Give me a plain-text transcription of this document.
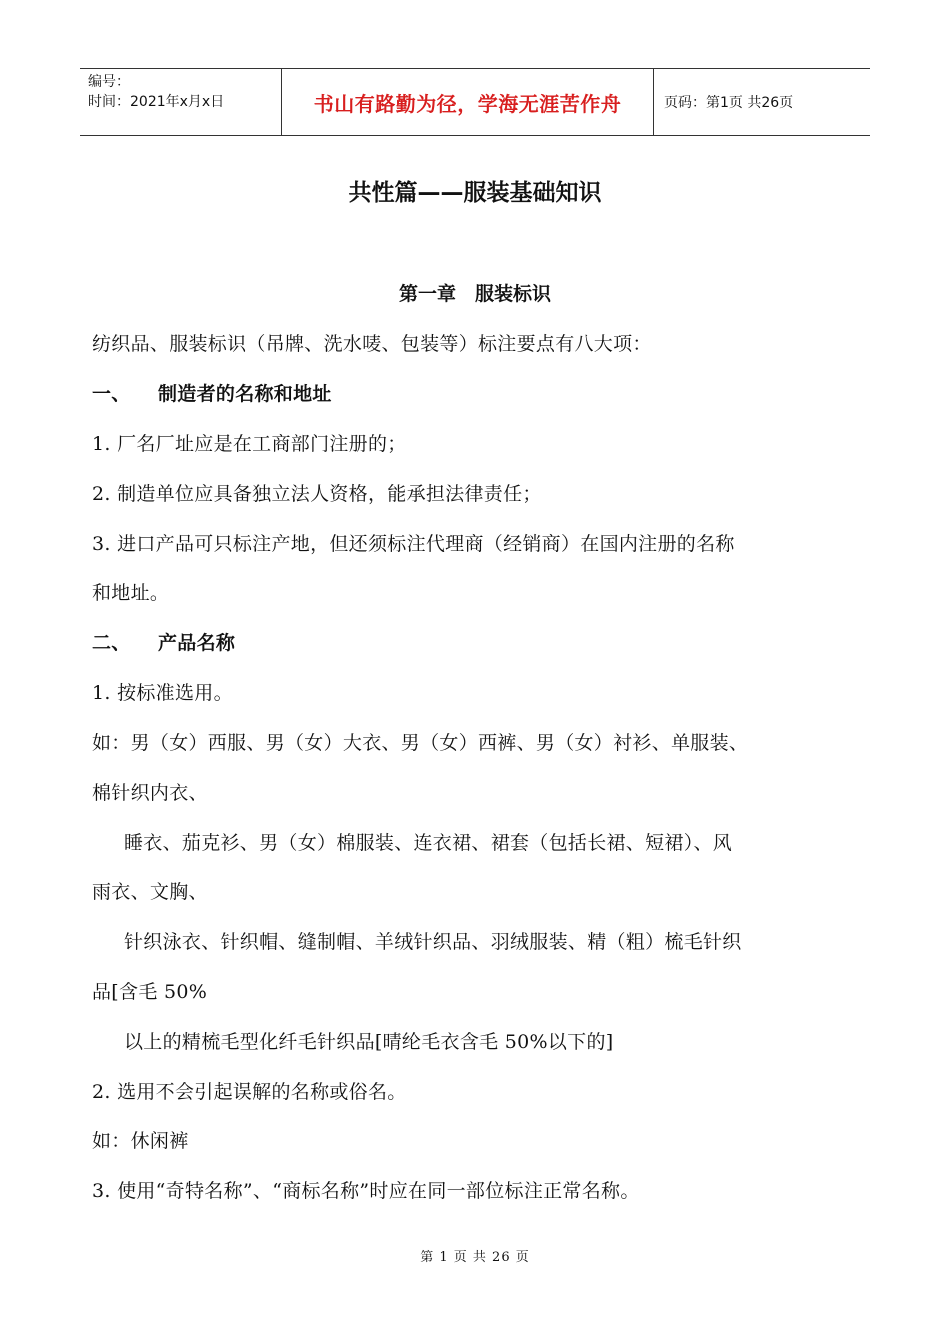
编号：
时间：2021年x月x日	书山有路勤为径，学海无涯苦作舟	页码：第1页 共26页
共性篇——服装基础知识
第一章　服装标识
纺织品、服装标识（吊牌、洗水唛、包装等）标注要点有八大项：
一、 制造者的名称和地址
1. 厂名厂址应是在工商部门注册的；
2. 制造单位应具备独立法人资格，能承担法律责任；
3. 进口产品可只标注产地，但还须标注代理商（经销商）在国内注册的名称
和地址。
二、 产品名称
1. 按标准选用。
如：男（女）西服、男（女）大衣、男（女）西裤、男（女）衬衫、单服装、
棉针织内衣、
睡衣、茄克衫、男（女）棉服装、连衣裙、裙套（包括长裙、短裙）、风
雨衣、文胸、
针织泳衣、针织帽、缝制帽、羊绒针织品、羽绒服装、精（粗）梳毛针织
品[含毛 50%
以上的精梳毛型化纤毛针织品[晴纶毛衣含毛 50%以下的]
2. 选用不会引起误解的名称或俗名。
如：休闲裤
3. 使用“奇特名称”、“商标名称”时应在同一部位标注正常名称。
第 1 页 共 26 页
